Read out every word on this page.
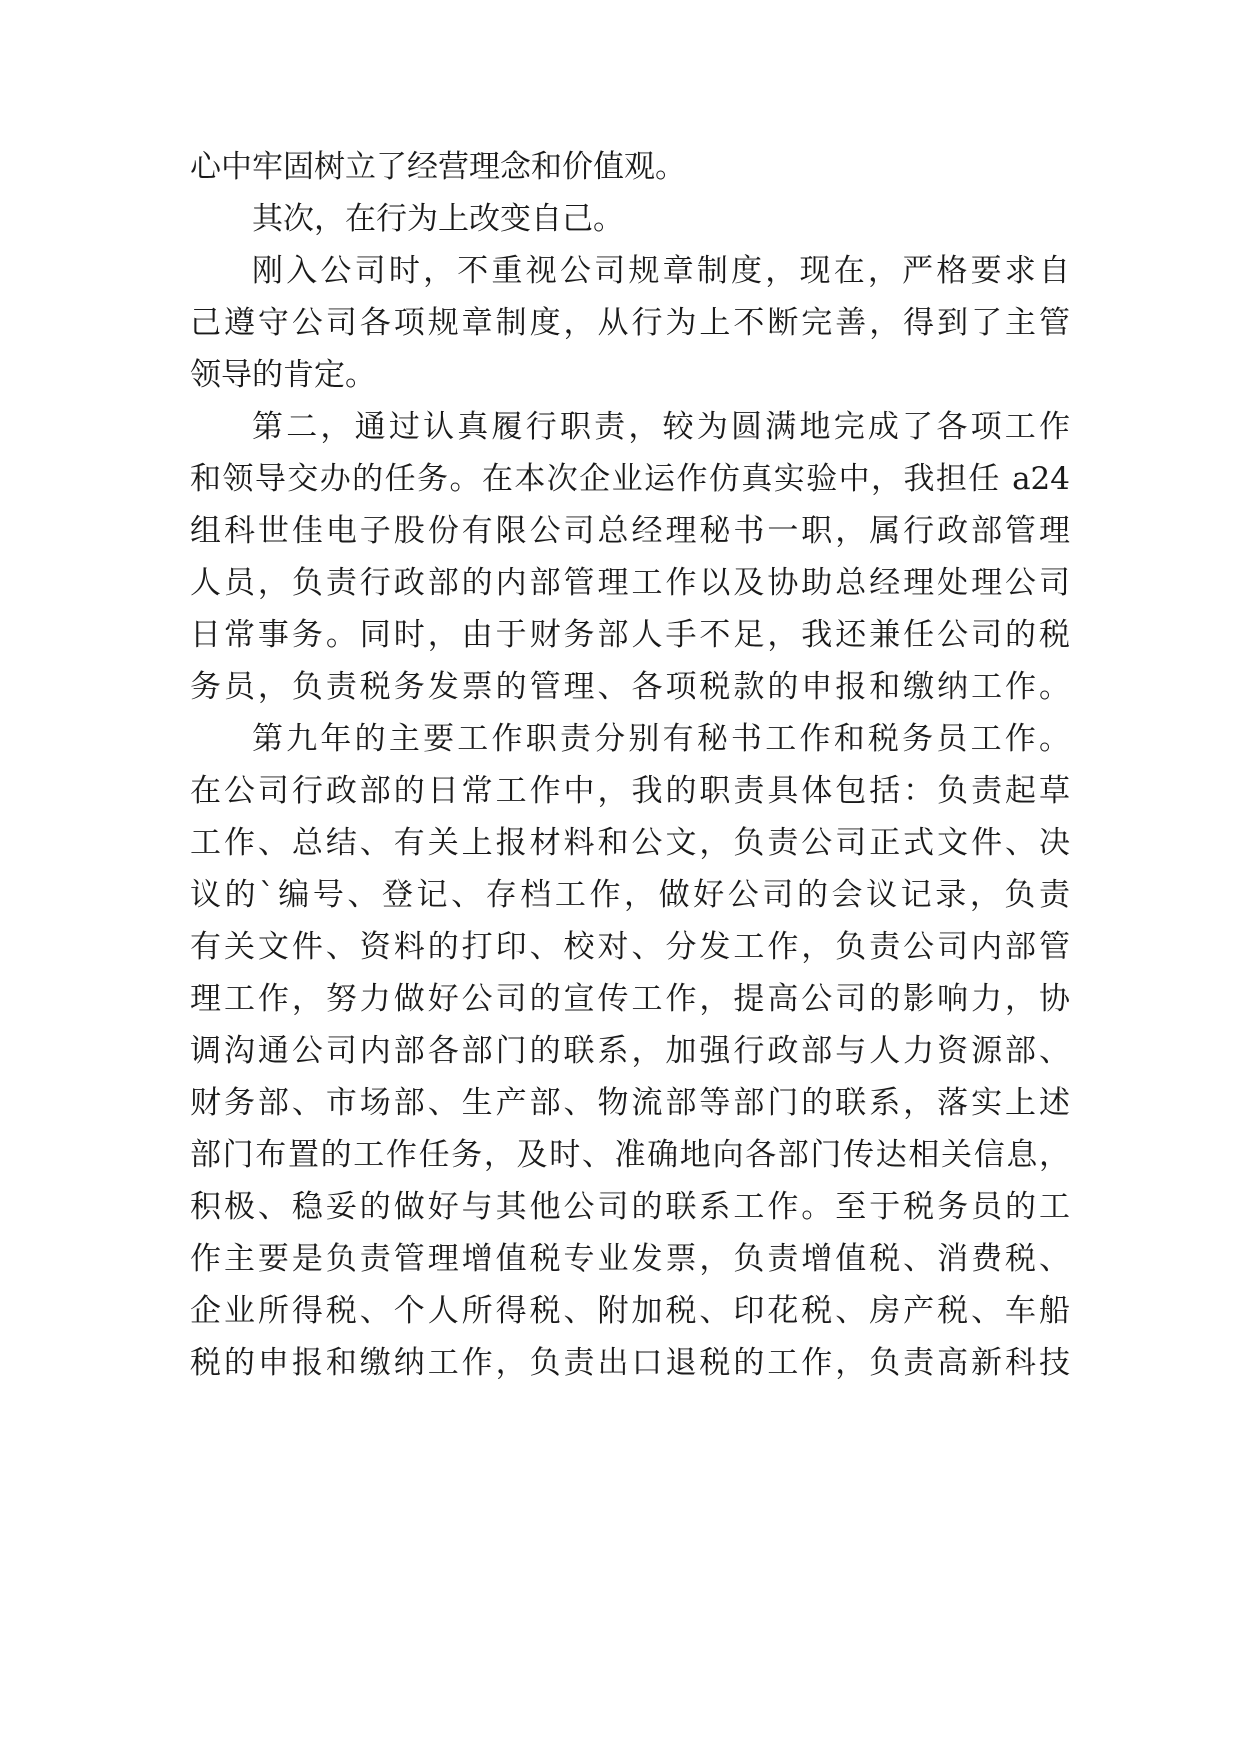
心中牢固树立了经营理念和价值观。
其次，在行为上改变自己。
刚入公司时，不重视公司规章制度，现在，严格要求自
己遵守公司各项规章制度，从行为上不断完善，得到了主管
领导的肯定。
第二，通过认真履行职责，较为圆满地完成了各项工作
和领导交办的任务。在本次企业运作仿真实验中，我担任 a24
组科世佳电子股份有限公司总经理秘书一职，属行政部管理
人员，负责行政部的内部管理工作以及协助总经理处理公司
日常事务。同时，由于财务部人手不足，我还兼任公司的税
务员，负责税务发票的管理、各项税款的申报和缴纳工作。
第九年的主要工作职责分别有秘书工作和税务员工作。
在公司行政部的日常工作中，我的职责具体包括：负责起草
工作、总结、有关上报材料和公文，负责公司正式文件、决
议的`编号、登记、存档工作，做好公司的会议记录，负责
有关文件、资料的打印、校对、分发工作，负责公司内部管
理工作，努力做好公司的宣传工作，提高公司的影响力，协
调沟通公司内部各部门的联系，加强行政部与人力资源部、
财务部、市场部、生产部、物流部等部门的联系，落实上述
部门布置的工作任务，及时、准确地向各部门传达相关信息，
积极、稳妥的做好与其他公司的联系工作。至于税务员的工
作主要是负责管理增值税专业发票，负责增值税、消费税、
企业所得税、个人所得税、附加税、印花税、房产税、车船
税的申报和缴纳工作，负责出口退税的工作，负责高新科技
